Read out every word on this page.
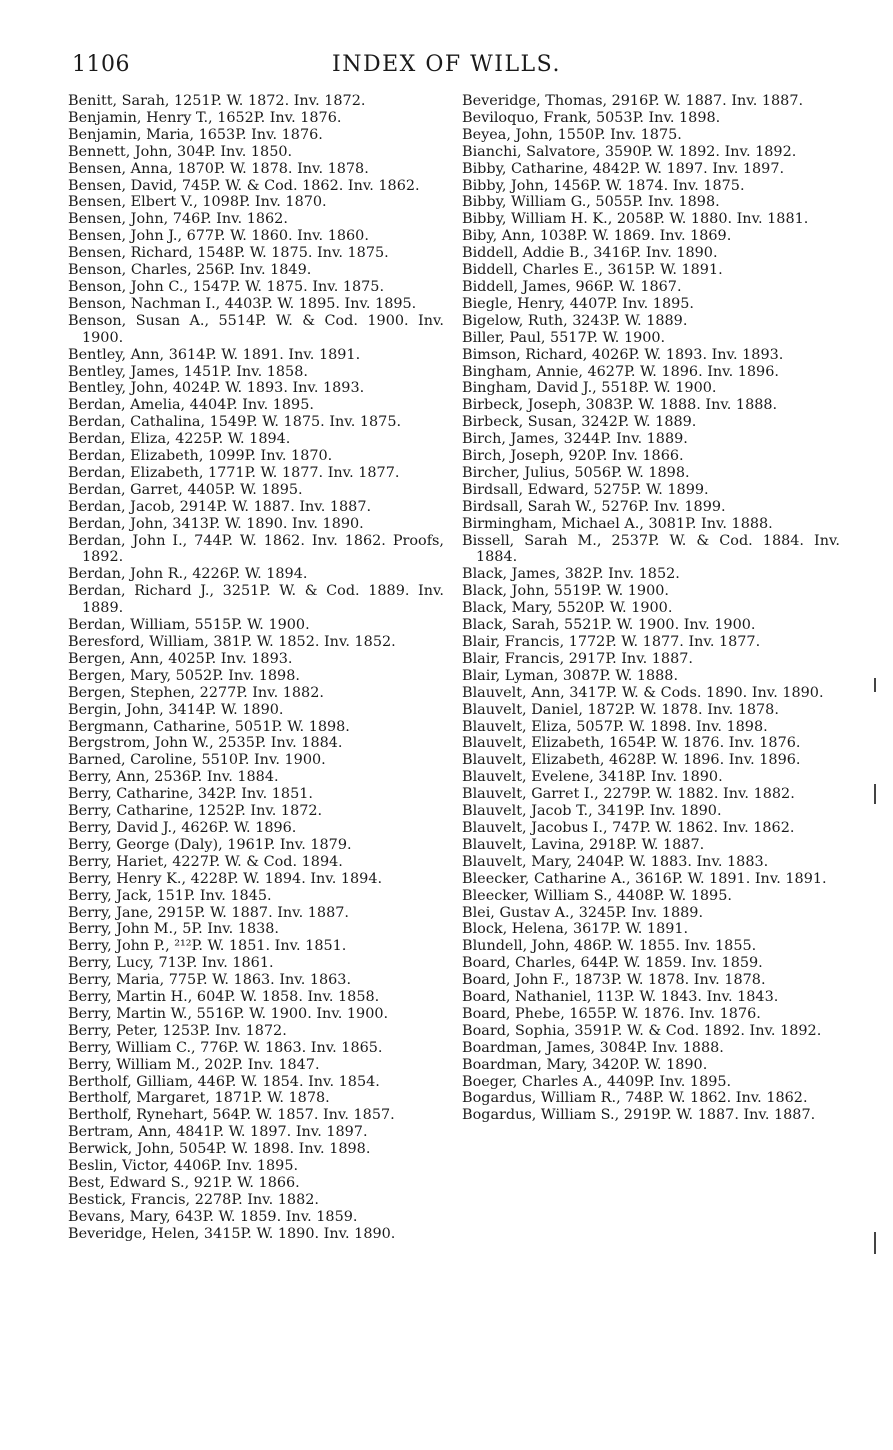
1106	INDEX OF WILLS.
Benitt, Sarah, 1251P. W. 1872. Inv. 1872.
Benjamin, Henry T., 1652P. Inv. 1876.
Benjamin, Maria, 1653P. Inv. 1876.
Bennett, John, 304P. Inv. 1850.
Bensen, Anna, 1870P. W. 1878. Inv. 1878.
Bensen, David, 745P. W. & Cod. 1862. Inv. 1862.
Bensen, Elbert V., 1098P. Inv. 1870.
Bensen, John, 746P. Inv. 1862.
Bensen, John J., 677P. W. 1860. Inv. 1860.
Bensen, Richard, 1548P. W. 1875. Inv. 1875.
Benson, Charles, 256P. Inv. 1849.
Benson, John C., 1547P. W. 1875. Inv. 1875.
Benson, Nachman I., 4403P. W. 1895. Inv. 1895.
Benson, Susan A., 5514P. W. & Cod. 1900. Inv. 1900.
Bentley, Ann, 3614P. W. 1891. Inv. 1891.
Bentley, James, 1451P. Inv. 1858.
Bentley, John, 4024P. W. 1893. Inv. 1893.
Berdan, Amelia, 4404P. Inv. 1895.
Berdan, Cathalina, 1549P. W. 1875. Inv. 1875.
Berdan, Eliza, 4225P. W. 1894.
Berdan, Elizabeth, 1099P. Inv. 1870.
Berdan, Elizabeth, 1771P. W. 1877. Inv. 1877.
Berdan, Garret, 4405P. W. 1895.
Berdan, Jacob, 2914P. W. 1887. Inv. 1887.
Berdan, John, 3413P. W. 1890. Inv. 1890.
Berdan, John I., 744P. W. 1862. Inv. 1862. Proofs, 1892.
Berdan, John R., 4226P. W. 1894.
Berdan, Richard J., 3251P. W. & Cod. 1889. Inv. 1889.
Berdan, William, 5515P. W. 1900.
Beresford, William, 381P. W. 1852. Inv. 1852.
Bergen, Ann, 4025P. Inv. 1893.
Bergen, Mary, 5052P. Inv. 1898.
Bergen, Stephen, 2277P. Inv. 1882.
Bergin, John, 3414P. W. 1890.
Bergmann, Catharine, 5051P. W. 1898.
Bergstrom, John W., 2535P. Inv. 1884.
Barned, Caroline, 5510P. Inv. 1900.
Berry, Ann, 2536P. Inv. 1884.
Berry, Catharine, 342P. Inv. 1851.
Berry, Catharine, 1252P. Inv. 1872.
Berry, David J., 4626P. W. 1896.
Berry, George (Daly), 1961P. Inv. 1879.
Berry, Hariet, 4227P. W. & Cod. 1894.
Berry, Henry K., 4228P. W. 1894. Inv. 1894.
Berry, Jack, 151P. Inv. 1845.
Berry, Jane, 2915P. W. 1887. Inv. 1887.
Berry, John M., 5P. Inv. 1838.
Berry, John P., ²¹²P. W. 1851. Inv. 1851.
Berry, Lucy, 713P. Inv. 1861.
Berry, Maria, 775P. W. 1863. Inv. 1863.
Berry, Martin H., 604P. W. 1858. Inv. 1858.
Berry, Martin W., 5516P. W. 1900. Inv. 1900.
Berry, Peter, 1253P. Inv. 1872.
Berry, William C., 776P. W. 1863. Inv. 1865.
Berry, William M., 202P. Inv. 1847.
Bertholf, Gilliam, 446P. W. 1854. Inv. 1854.
Bertholf, Margaret, 1871P. W. 1878.
Bertholf, Rynehart, 564P. W. 1857. Inv. 1857.
Bertram, Ann, 4841P. W. 1897. Inv. 1897.
Berwick, John, 5054P. W. 1898. Inv. 1898.
Beslin, Victor, 4406P. Inv. 1895.
Best, Edward S., 921P. W. 1866.
Bestick, Francis, 2278P. Inv. 1882.
Bevans, Mary, 643P. W. 1859. Inv. 1859.
Beveridge, Helen, 3415P. W. 1890. Inv. 1890.
Beveridge, Thomas, 2916P. W. 1887. Inv. 1887.
Beviloquo, Frank, 5053P. Inv. 1898.
Beyea, John, 1550P. Inv. 1875.
Bianchi, Salvatore, 3590P. W. 1892. Inv. 1892.
Bibby, Catharine, 4842P. W. 1897. Inv. 1897.
Bibby, John, 1456P. W. 1874. Inv. 1875.
Bibby, William G., 5055P. Inv. 1898.
Bibby, William H. K., 2058P. W. 1880. Inv. 1881.
Biby, Ann, 1038P. W. 1869. Inv. 1869.
Biddell, Addie B., 3416P. Inv. 1890.
Biddell, Charles E., 3615P. W. 1891.
Biddell, James, 966P. W. 1867.
Biegle, Henry, 4407P. Inv. 1895.
Bigelow, Ruth, 3243P. W. 1889.
Biller, Paul, 5517P. W. 1900.
Bimson, Richard, 4026P. W. 1893. Inv. 1893.
Bingham, Annie, 4627P. W. 1896. Inv. 1896.
Bingham, David J., 5518P. W. 1900.
Birbeck, Joseph, 3083P. W. 1888. Inv. 1888.
Birbeck, Susan, 3242P. W. 1889.
Birch, James, 3244P. Inv. 1889.
Birch, Joseph, 920P. Inv. 1866.
Bircher, Julius, 5056P. W. 1898.
Birdsall, Edward, 5275P. W. 1899.
Birdsall, Sarah W., 5276P. Inv. 1899.
Birmingham, Michael A., 3081P. Inv. 1888.
Bissell, Sarah M., 2537P. W. & Cod. 1884. Inv. 1884.
Black, James, 382P. Inv. 1852.
Black, John, 5519P. W. 1900.
Black, Mary, 5520P. W. 1900.
Black, Sarah, 5521P. W. 1900. Inv. 1900.
Blair, Francis, 1772P. W. 1877. Inv. 1877.
Blair, Francis, 2917P. Inv. 1887.
Blair, Lyman, 3087P. W. 1888.
Blauvelt, Ann, 3417P. W. & Cods. 1890. Inv. 1890.
Blauvelt, Daniel, 1872P. W. 1878. Inv. 1878.
Blauvelt, Eliza, 5057P. W. 1898. Inv. 1898.
Blauvelt, Elizabeth, 1654P. W. 1876. Inv. 1876.
Blauvelt, Elizabeth, 4628P. W. 1896. Inv. 1896.
Blauvelt, Evelene, 3418P. Inv. 1890.
Blauvelt, Garret I., 2279P. W. 1882. Inv. 1882.
Blauvelt, Jacob T., 3419P. Inv. 1890.
Blauvelt, Jacobus I., 747P. W. 1862. Inv. 1862.
Blauvelt, Lavina, 2918P. W. 1887.
Blauvelt, Mary, 2404P. W. 1883. Inv. 1883.
Bleecker, Catharine A., 3616P. W. 1891. Inv. 1891.
Bleecker, William S., 4408P. W. 1895.
Blei, Gustav A., 3245P. Inv. 1889.
Block, Helena, 3617P. W. 1891.
Blundell, John, 486P. W. 1855. Inv. 1855.
Board, Charles, 644P. W. 1859. Inv. 1859.
Board, John F., 1873P. W. 1878. Inv. 1878.
Board, Nathaniel, 113P. W. 1843. Inv. 1843.
Board, Phebe, 1655P. W. 1876. Inv. 1876.
Board, Sophia, 3591P. W. & Cod. 1892. Inv. 1892.
Boardman, James, 3084P. Inv. 1888.
Boardman, Mary, 3420P. W. 1890.
Boeger, Charles A., 4409P. Inv. 1895.
Bogardus, William R., 748P. W. 1862. Inv. 1862.
Bogardus, William S., 2919P. W. 1887. Inv. 1887.
